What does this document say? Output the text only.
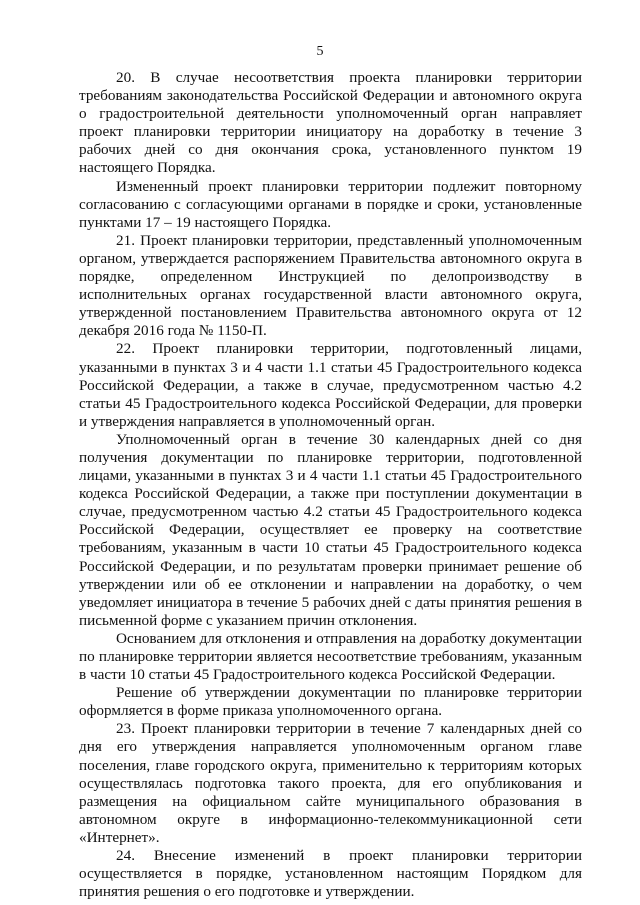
5

20. В случае несоответствия проекта планировки территории требованиям законодательства Российской Федерации и автономного округа о градостроительной деятельности уполномоченный орган направляет проект планировки территории инициатору на доработку в течение 3 рабочих дней со дня окончания срока, установленного пунктом 19 настоящего Порядка.

Измененный проект планировки территории подлежит повторному согласованию с согласующими органами в порядке и сроки, установленные пунктами 17 – 19 настоящего Порядка.

21. Проект планировки территории, представленный уполномоченным органом, утверждается распоряжением Правительства автономного округа в порядке, определенном Инструкцией по делопроизводству в исполнительных органах государственной власти автономного округа, утвержденной постановлением Правительства автономного округа от 12 декабря 2016 года № 1150-П.

22. Проект планировки территории, подготовленный лицами, указанными в пунктах 3 и 4 части 1.1 статьи 45 Градостроительного кодекса Российской Федерации, а также в случае, предусмотренном частью 4.2 статьи 45 Градостроительного кодекса Российской Федерации, для проверки и утверждения направляется в уполномоченный орган.

Уполномоченный орган в течение 30 календарных дней со дня получения документации по планировке территории, подготовленной лицами, указанными в пунктах 3 и 4 части 1.1 статьи 45 Градостроительного кодекса Российской Федерации, а также при поступлении документации в случае, предусмотренном частью 4.2 статьи 45 Градостроительного кодекса Российской Федерации, осуществляет ее проверку на соответствие требованиям, указанным в части 10 статьи 45 Градостроительного кодекса Российской Федерации, и по результатам проверки принимает решение об утверждении или об ее отклонении и направлении на доработку, о чем уведомляет инициатора в течение 5 рабочих дней с даты принятия решения в письменной форме с указанием причин отклонения.

Основанием для отклонения и отправления на доработку документации по планировке территории является несоответствие требованиям, указанным в части 10 статьи 45 Градостроительного кодекса Российской Федерации.

Решение об утверждении документации по планировке территории оформляется в форме приказа уполномоченного органа.

23. Проект планировки территории в течение 7 календарных дней со дня его утверждения направляется уполномоченным органом главе поселения, главе городского округа, применительно к территориям которых осуществлялась подготовка такого проекта, для его опубликования и размещения на официальном сайте муниципального образования в автономном округе в информационно-телекоммуникационной сети «Интернет».

24. Внесение изменений в проект планировки территории осуществляется в порядке, установленном настоящим Порядком для принятия решения о его подготовке и утверждении.
